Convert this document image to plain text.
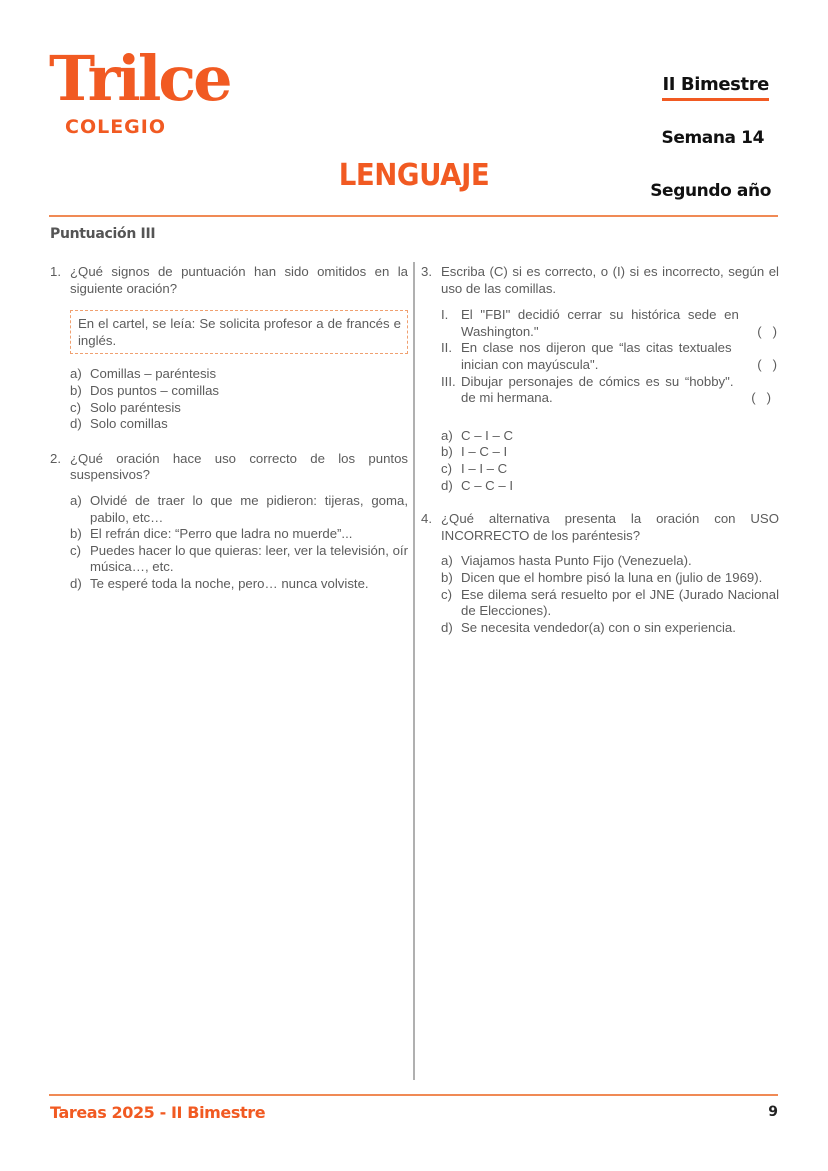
Trilce
COLEGIO
LENGUAJE
II Bimestre
Semana 14
Segundo año
Puntuación III
1. ¿Qué signos de puntuación han sido omitidos en la siguiente oración?
En el cartel, se leía: Se solicita profesor a de francés e inglés.
a) Comillas – paréntesis
b) Dos puntos – comillas
c) Solo paréntesis
d) Solo comillas
2. ¿Qué oración hace uso correcto de los puntos suspensivos?
a) Olvidé de traer lo que me pidieron: tijeras, goma, pabilo, etc…
b) El refrán dice: “Perro que ladra no muerde”...
c) Puedes hacer lo que quieras: leer, ver la televisión, oír música…, etc.
d) Te esperé toda la noche, pero… nunca volviste.
3. Escriba (C) si es correcto, o (I) si es incorrecto, según el uso de las comillas.
I. El "FBI" decidió cerrar su histórica sede en
Washington."	(   )
II. En clase nos dijeron que “las citas textuales
inician con mayúscula".	(   )
III. Dibujar personajes de cómics es su “hobby".
de mi hermana.	(   )
a) C – I – C
b) I – C – I
c) I – I – C
d) C – C – I
4. ¿Qué alternativa presenta la oración con USO INCORRECTO de los paréntesis?
a) Viajamos hasta Punto Fijo (Venezuela).
b) Dicen que el hombre pisó la luna en (julio de 1969).
c) Ese dilema será resuelto por el JNE (Jurado Nacional de Elecciones).
d) Se necesita vendedor(a) con o sin experiencia.
Tareas 2025 - II Bimestre	9
